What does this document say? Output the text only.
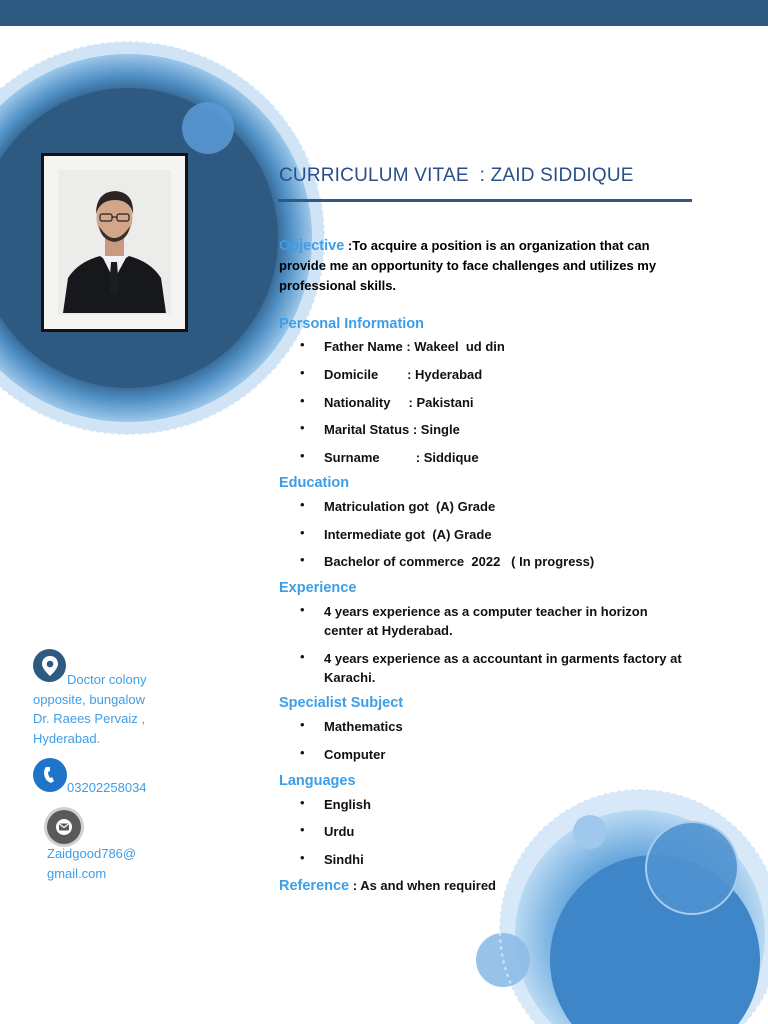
CURRICULUM VITAE  : ZAID SIDDIQUE
Objective :To acquire a position is an organization that can
provide me an opportunity to face challenges and utilizes my
professional skills.
Personal Information
• Father Name : Wakeel  ud din
• Domicile        : Hyderabad
• Nationality     : Pakistani
• Marital Status : Single
• Surname          : Siddique
Education
• Matriculation got  (A) Grade
• Intermediate got  (A) Grade
• Bachelor of commerce  2022   ( In progress)
Experience
• 4 years experience as a computer teacher in horizon
center at Hyderabad.
• 4 years experience as a accountant in garments factory at
Karachi.
Specialist Subject
• Mathematics
• Computer
Languages
• English
• Urdu
• Sindhi
Reference : As and when required
Doctor colony
opposite, bungalow
Dr. Raees Pervaiz ,
Hyderabad.
03202258034
Zaidgood786@
gmail.com
